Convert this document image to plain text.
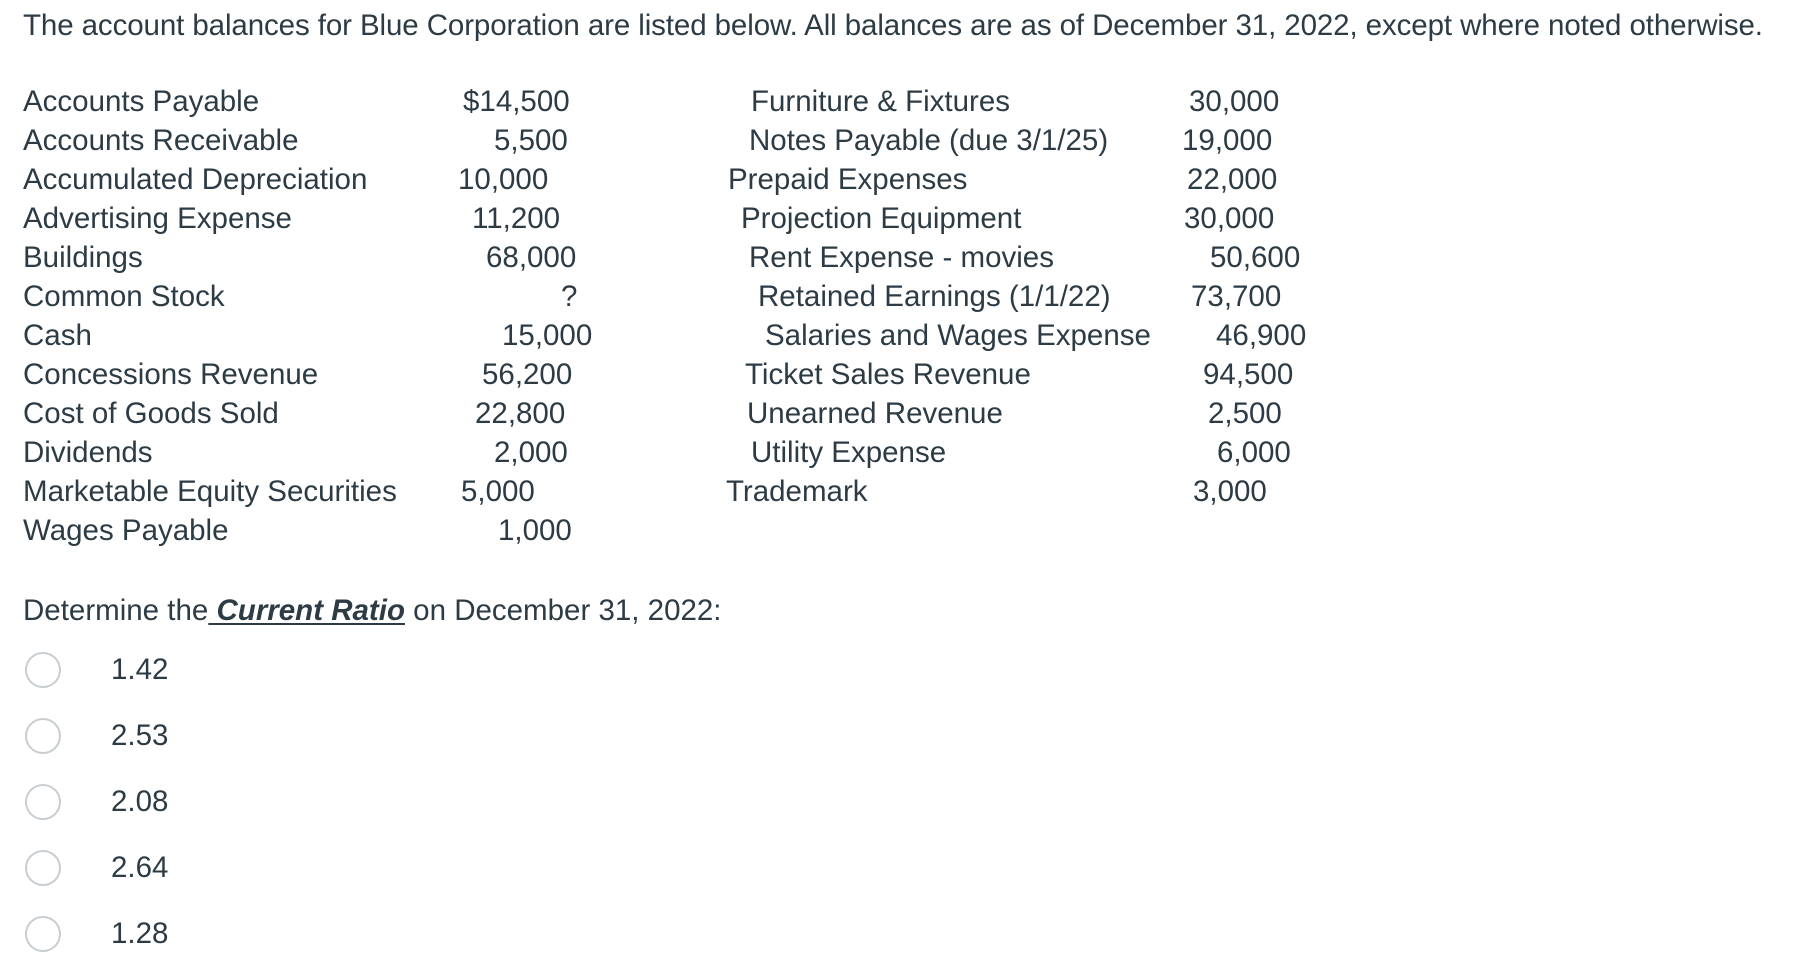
The account balances for Blue Corporation are listed below. All balances are as of December 31, 2022, except where noted otherwise.
Accounts Payable	$14,500
Accounts Receivable	5,500
Accumulated Depreciation	10,000
Advertising Expense	11,200
Buildings	68,000
Common Stock	?
Cash	15,000
Concessions Revenue	56,200
Cost of Goods Sold	22,800
Dividends	2,000
Marketable Equity Securities 5,000
Wages Payable	1,000
Furniture & Fixtures	30,000
Notes Payable (due 3/1/25)	19,000
Prepaid Expenses	22,000
Projection Equipment	30,000
Rent Expense - movies	50,600
Retained Earnings (1/1/22)	73,700
Salaries and Wages Expense 46,900
Ticket Sales Revenue	94,500
Unearned Revenue	2,500
Utility Expense	6,000
Trademark	3,000
Determine the Current Ratio on December 31, 2022:
1.42
2.53
2.08
2.64
1.28
